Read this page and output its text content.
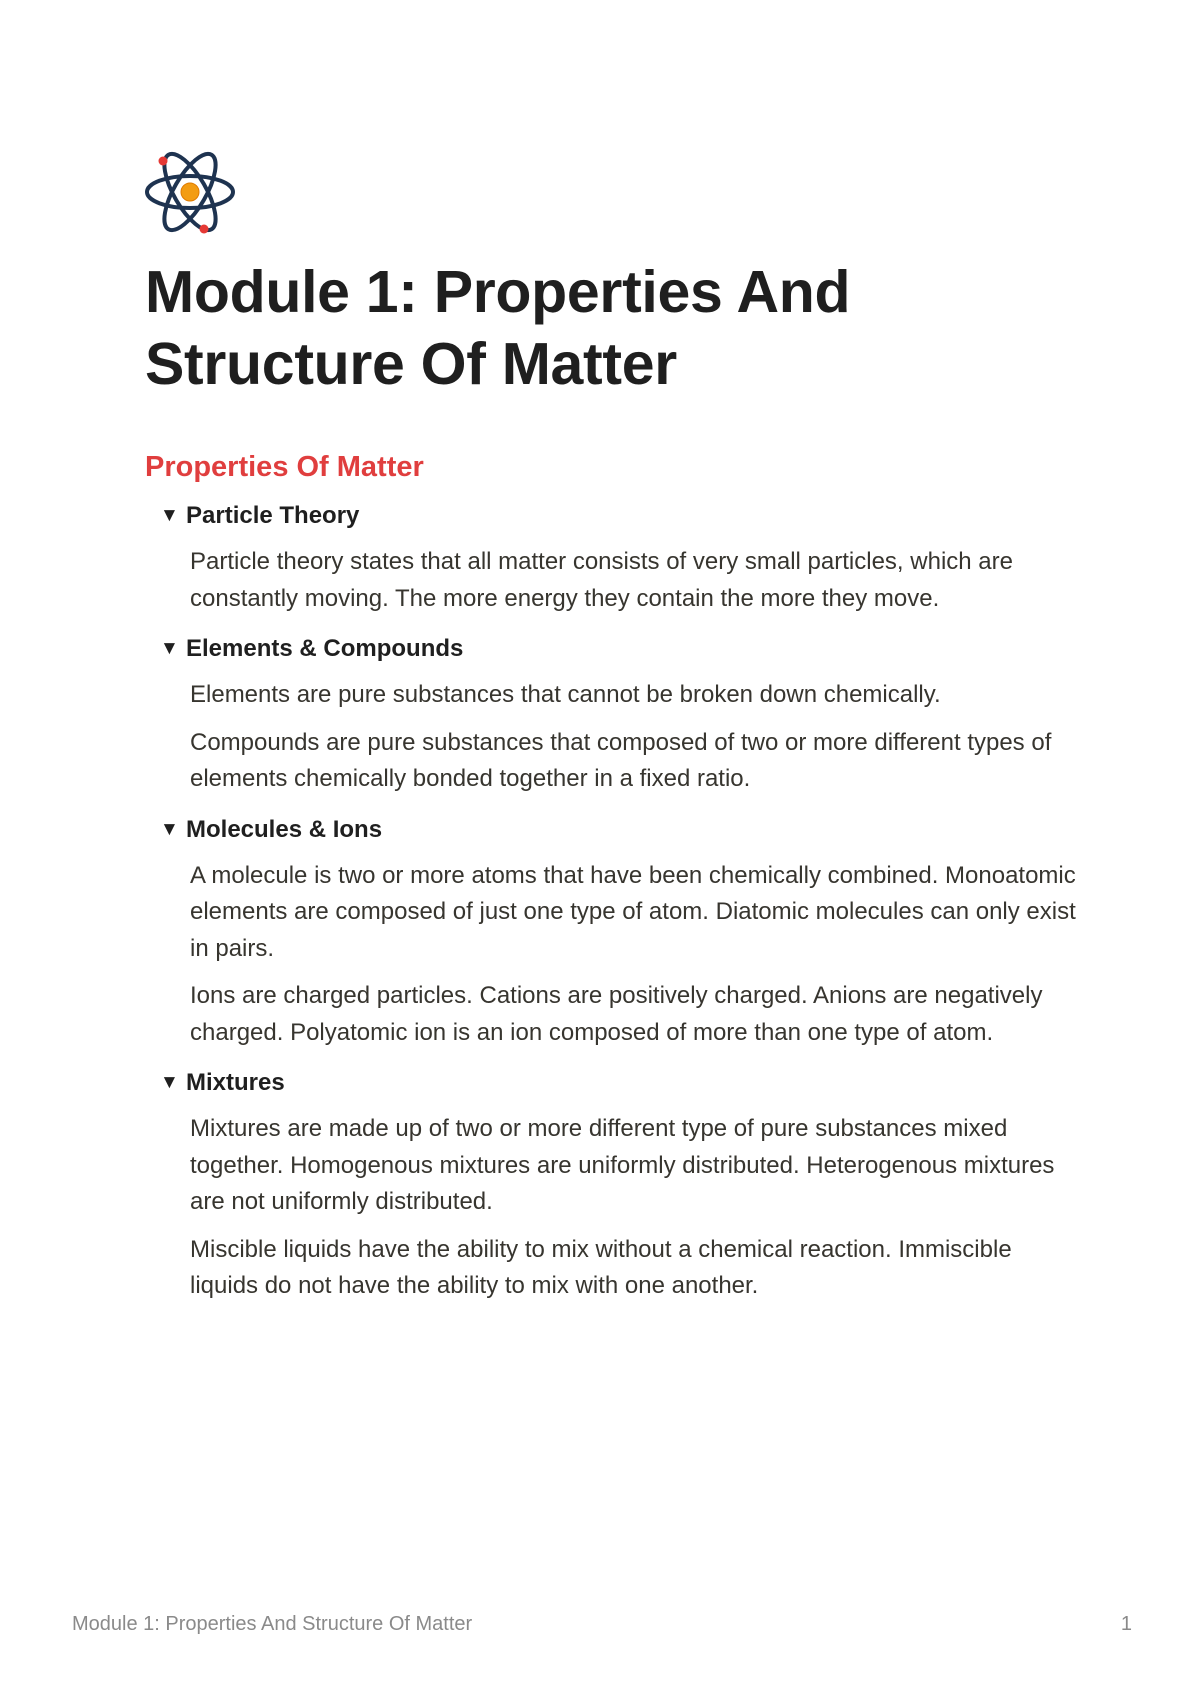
Module 1: Properties And Structure Of Matter
Properties Of Matter
▼ Particle Theory

Particle theory states that all matter consists of very small particles, which are constantly moving. The more energy they contain the more they move.

▼ Elements & Compounds

Elements are pure substances that cannot be broken down chemically.

Compounds are pure substances that composed of two or more different types of elements chemically bonded together in a fixed ratio.

▼ Molecules & Ions

A molecule is two or more atoms that have been chemically combined. Monoatomic elements are composed of just one type of atom. Diatomic molecules can only exist in pairs.

Ions are charged particles. Cations are positively charged. Anions are negatively charged. Polyatomic ion is an ion composed of more than one type of atom.

▼ Mixtures

Mixtures are made up of two or more different type of pure substances mixed together. Homogenous mixtures are uniformly distributed. Heterogenous mixtures are not uniformly distributed.

Miscible liquids have the ability to mix without a chemical reaction. Immiscible liquids do not have the ability to mix with one another.

Module 1: Properties And Structure Of Matter	1
